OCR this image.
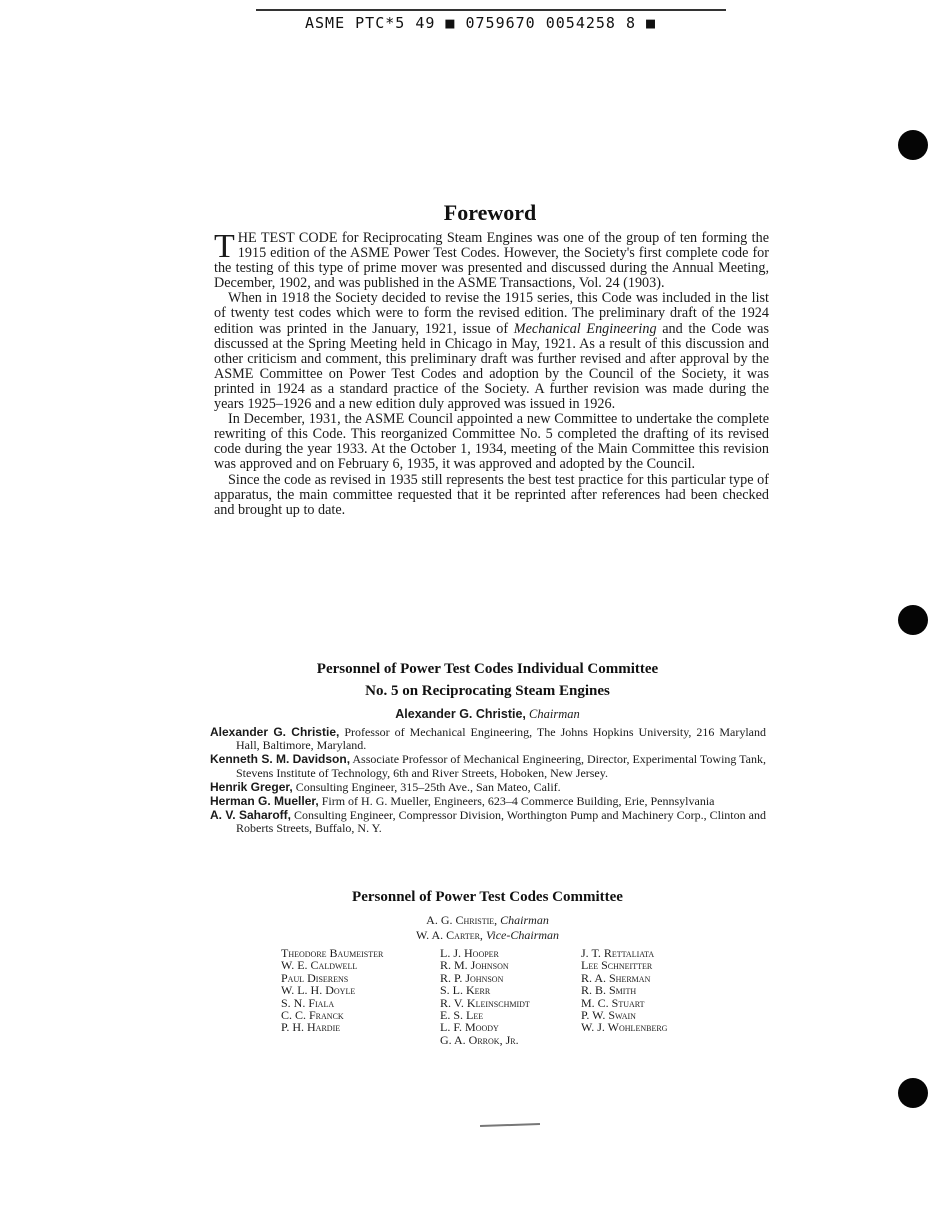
ASME PTC*5 49 ■ 0759670 0054258 8 ■
Foreword

THE TEST CODE for Reciprocating Steam Engines was one of the group of ten forming the 1915 edition of the ASME Power Test Codes. However, the Society's first complete code for the testing of this type of prime mover was presented and discussed during the Annual Meeting, December, 1902, and was published in the ASME Transactions, Vol. 24 (1903).

When in 1918 the Society decided to revise the 1915 series, this Code was included in the list of twenty test codes which were to form the revised edition. The preliminary draft of the 1924 edition was printed in the January, 1921, issue of Mechanical Engineering and the Code was discussed at the Spring Meeting held in Chicago in May, 1921. As a result of this discussion and other criticism and comment, this preliminary draft was further revised and after approval by the ASME Committee on Power Test Codes and adoption by the Council of the Society, it was printed in 1924 as a standard practice of the Society. A further revision was made during the years 1925–1926 and a new edition duly approved was issued in 1926.

In December, 1931, the ASME Council appointed a new Committee to undertake the complete rewriting of this Code. This reorganized Committee No. 5 completed the drafting of its revised code during the year 1933. At the October 1, 1934, meeting of the Main Committee this revision was approved and on February 6, 1935, it was approved and adopted by the Council.

Since the code as revised in 1935 still represents the best test practice for this particular type of apparatus, the main committee requested that it be reprinted after references had been checked and brought up to date.

Personnel of Power Test Codes Individual Committee
No. 5 on Reciprocating Steam Engines
Alexander G. Christie, Chairman
Alexander G. Christie, Professor of Mechanical Engineering, The Johns Hopkins University, 216 Maryland Hall, Baltimore, Maryland.
Kenneth S. M. Davidson, Associate Professor of Mechanical Engineering, Director, Experimental Towing Tank, Stevens Institute of Technology, 6th and River Streets, Hoboken, New Jersey.
Henrik Greger, Consulting Engineer, 315–25th Ave., San Mateo, Calif.
Herman G. Mueller, Firm of H. G. Mueller, Engineers, 623–4 Commerce Building, Erie, Pennsylvania
A. V. Saharoff, Consulting Engineer, Compressor Division, Worthington Pump and Machinery Corp., Clinton and Roberts Streets, Buffalo, N. Y.
Personnel of Power Test Codes Committee
A. G. Christie, Chairman
W. A. Carter, Vice-Chairman
Theodore Baumeister
W. E. Caldwell
Paul Diserens
W. L. H. Doyle
S. N. Fiala
C. C. Franck
P. H. Hardie
L. J. Hooper
R. M. Johnson
R. P. Johnson
S. L. Kerr
R. V. Kleinschmidt
E. S. Lee
L. F. Moody
G. A. Orrok, Jr.
J. T. Rettaliata
Lee Schneitter
R. A. Sherman
R. B. Smith
M. C. Stuart
P. W. Swain
W. J. Wohlenberg
